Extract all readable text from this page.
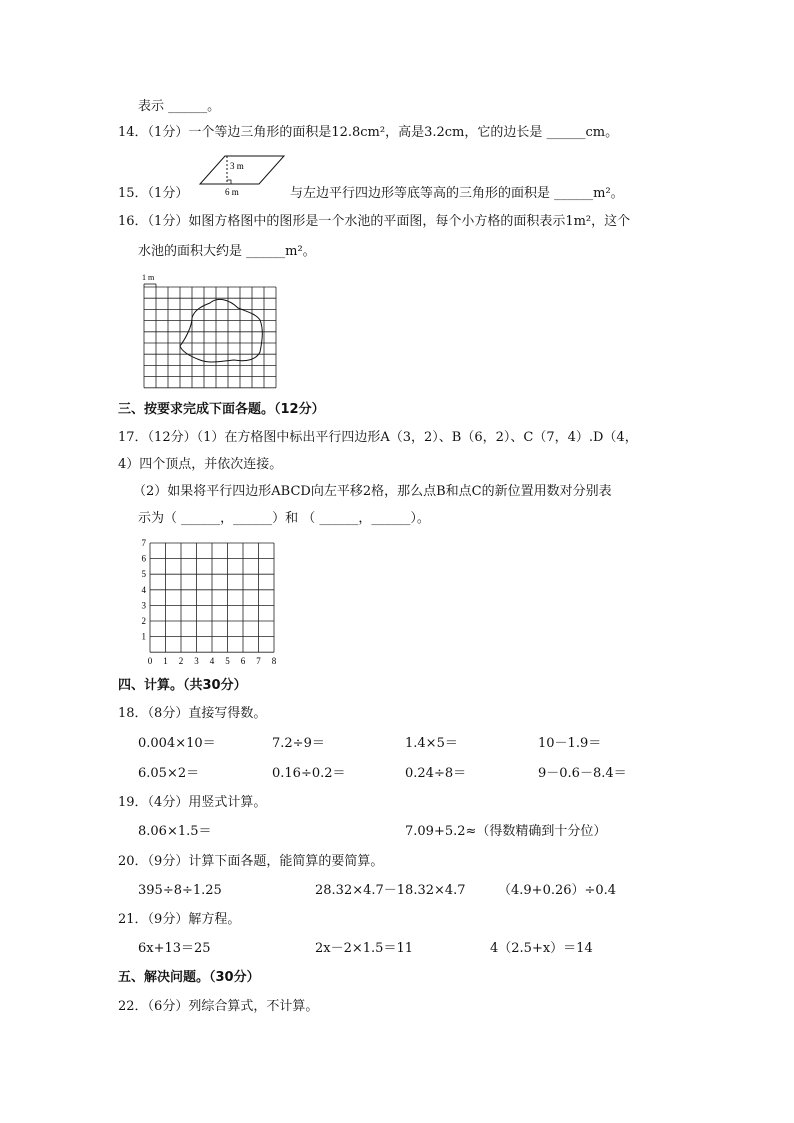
表示 ______。
14．（1分）一个等边三角形的面积是12.8cm²，高是3.2cm，它的边长是 ______cm。
15．（1分）	与左边平行四边形等底等高的三角形的面积是 ______m²。
16．（1分）如图方格图中的图形是一个水池的平面图，每个小方格的面积表示1m²，这个
水池的面积大约是 ______m²。
三、按要求完成下面各题。（12分）
17．（12分）（1）在方格图中标出平行四边形A（3，2）、B（6，2）、C（7，4）.D（4，
4）四个顶点，并依次连接。
（2）如果将平行四边形ABCD向左平移2格，那么点B和点C的新位置用数对分别表
示为（ ______，______）和 （ ______，______）。
四、计算。（共30分）
18．（8分）直接写得数。
0.004×10＝	7.2÷9＝	1.4×5＝	10－1.9＝
6.05×2＝	0.16÷0.2＝	0.24÷8＝	9－0.6－8.4＝
19．（4分）用竖式计算。
8.06×1.5＝	7.09+5.2≈（得数精确到十分位）
20．（9分）计算下面各题，能简算的要简算。
395÷8÷1.25	28.32×4.7－18.32×4.7 （4.9+0.26）÷0.4
21．（9分）解方程。
6x+13＝25	2x－2×1.5＝11	4（2.5+x）＝14
五、解决问题。（30分）
22．（6分）列综合算式，不计算。
3 m
6 m
1 m
0 1 2 3 4 5 6 7 8
1
2
3
4
5
6
7
